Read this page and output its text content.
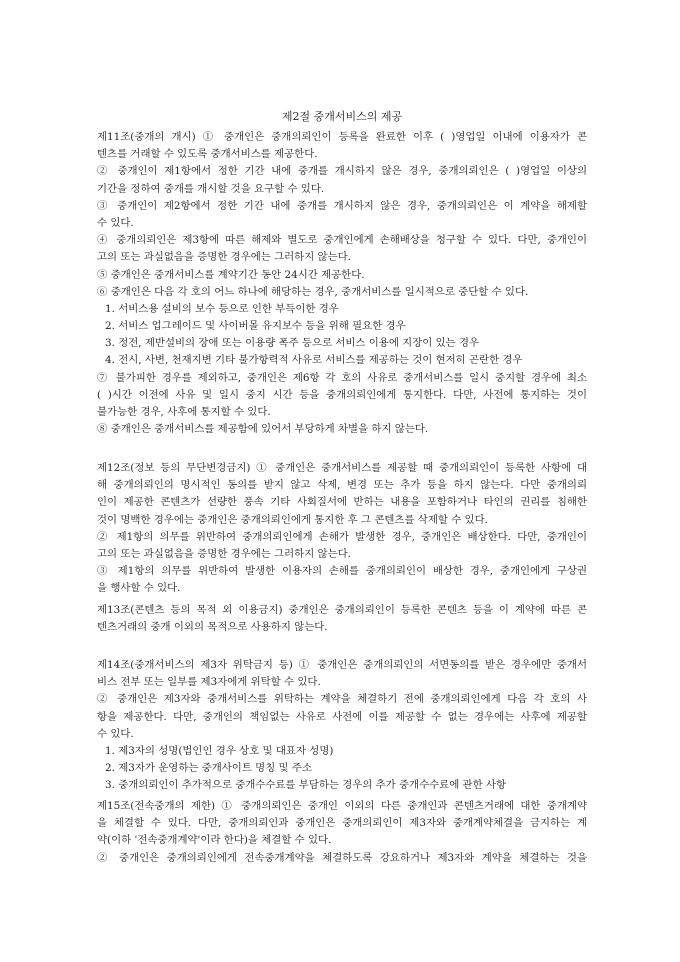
제2절 중개서비스의 제공
제11조(중개의 개시) ① 중개인은 중개의뢰인이 등록을 완료한 이후 ( )영업일 이내에 이용자가 콘
텐츠를 거래할 수 있도록 중개서비스를 제공한다.
② 중개인이 제1항에서 정한 기간 내에 중개를 개시하지 않은 경우, 중개의뢰인은 ( )영업일 이상의
기간을 정하여 중개를 개시할 것을 요구할 수 있다.
③ 중개인이 제2항에서 정한 기간 내에 중개를 개시하지 않은 경우, 중개의뢰인은 이 계약을 해제할
수 있다.
④ 중개의뢰인은 제3항에 따른 해제와 별도로 중개인에게 손해배상을 청구할 수 있다. 다만, 중개인이
고의 또는 과실없음을 증명한 경우에는 그러하지 않는다.
⑤ 중개인은 중개서비스를 계약기간 동안 24시간 제공한다.
⑥ 중개인은 다음 각 호의 어느 하나에 해당하는 경우, 중개서비스를 일시적으로 중단할 수 있다.
1. 서비스용 설비의 보수 등으로 인한 부득이한 경우
2. 서비스 업그레이드 및 사이버몰 유지보수 등을 위해 필요한 경우
3. 정전, 제반설비의 장애 또는 이용량 폭주 등으로 서비스 이용에 지장이 있는 경우
4. 전시, 사변, 천재지변 기타 불가항력적 사유로 서비스를 제공하는 것이 현저히 곤란한 경우
⑦ 불가피한 경우를 제외하고, 중개인은 제6항 각 호의 사유로 중개서비스를 일시 중지할 경우에 최소
( )시간 이전에 사유 및 일시 중지 시간 등을 중개의뢰인에게 통지한다. 다만, 사전에 통지하는 것이
불가능한 경우, 사후에 통지할 수 있다.
⑧ 중개인은 중개서비스를 제공함에 있어서 부당하게 차별을 하지 않는다.
제12조(정보 등의 무단변경금지) ① 중개인은 중개서비스를 제공할 때 중개의뢰인이 등록한 사항에 대
해 중개의뢰인의 명시적인 동의를 받지 않고 삭제, 변경 또는 추가 등을 하지 않는다. 다만 중개의뢰
인이 제공한 콘텐츠가 선량한 풍속 기타 사회질서에 반하는 내용을 포함하거나 타인의 권리를 침해한
것이 명백한 경우에는 중개인은 중개의뢰인에게 통지한 후 그 콘텐츠를 삭제할 수 있다.
② 제1항의 의무를 위반하여 중개의뢰인에게 손해가 발생한 경우, 중개인은 배상한다. 다만, 중개인이
고의 또는 과실없음을 증명한 경우에는 그러하지 않는다.
③ 제1항의 의무를 위반하여 발생한 이용자의 손해를 중개의뢰인이 배상한 경우, 중개인에게 구상권
을 행사할 수 있다.
제13조(콘텐츠 등의 목적 외 이용금지) 중개인은 중개의뢰인이 등록한 콘텐츠 등을 이 계약에 따른 콘
텐츠거래의 중개 이외의 목적으로 사용하지 않는다.
제14조(중개서비스의 제3자 위탁금지 등) ① 중개인은 중개의뢰인의 서면동의를 받은 경우에만 중개서
비스 전부 또는 일부를 제3자에게 위탁할 수 있다.
② 중개인은 제3자와 중개서비스를 위탁하는 계약을 체결하기 전에 중개의뢰인에게 다음 각 호의 사
항을 제공한다. 다만, 중개인의 책임없는 사유로 사전에 이를 제공할 수 없는 경우에는 사후에 제공할
수 있다.
1. 제3자의 성명(법인인 경우 상호 및 대표자 성명)
2. 제3자가 운영하는 중개사이트 명칭 및 주소
3. 중개의뢰인이 추가적으로 중개수수료를 부담하는 경우의 추가 중개수수료에 관한 사항
제15조(전속중개의 제한) ① 중개의뢰인은 중개인 이외의 다른 중개인과 콘텐츠거래에 대한 중개계약
을 체결할 수 있다. 다만, 중개의뢰인과 중개인은 중개의뢰인이 제3자와 중개계약체결을 금지하는 계
약(이하 '전속중개계약'이라 한다)을 체결할 수 있다.
② 중개인은 중개의뢰인에게 전속중개계약을 체결하도록 강요하거나 제3자와 계약을 체결하는 것을
